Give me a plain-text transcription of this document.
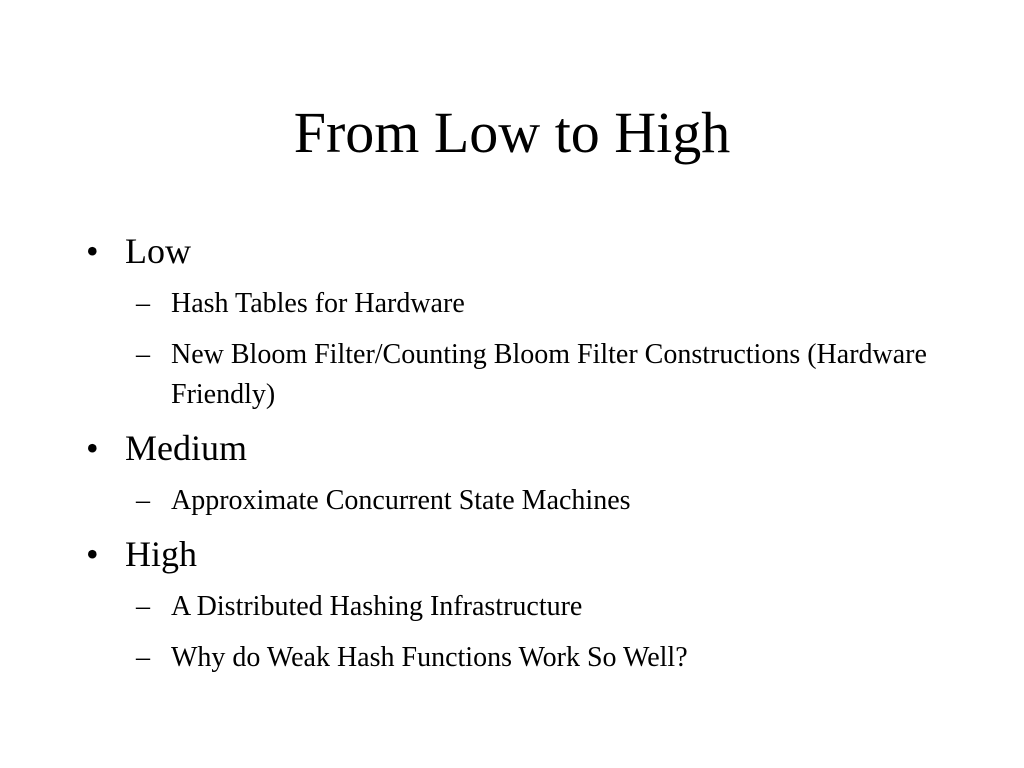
From Low to High
• Low
– Hash Tables for Hardware
– New Bloom Filter/Counting Bloom Filter Constructions (Hardware Friendly)
• Medium
– Approximate Concurrent State Machines
• High
– A Distributed Hashing Infrastructure
– Why do Weak Hash Functions Work So Well?
